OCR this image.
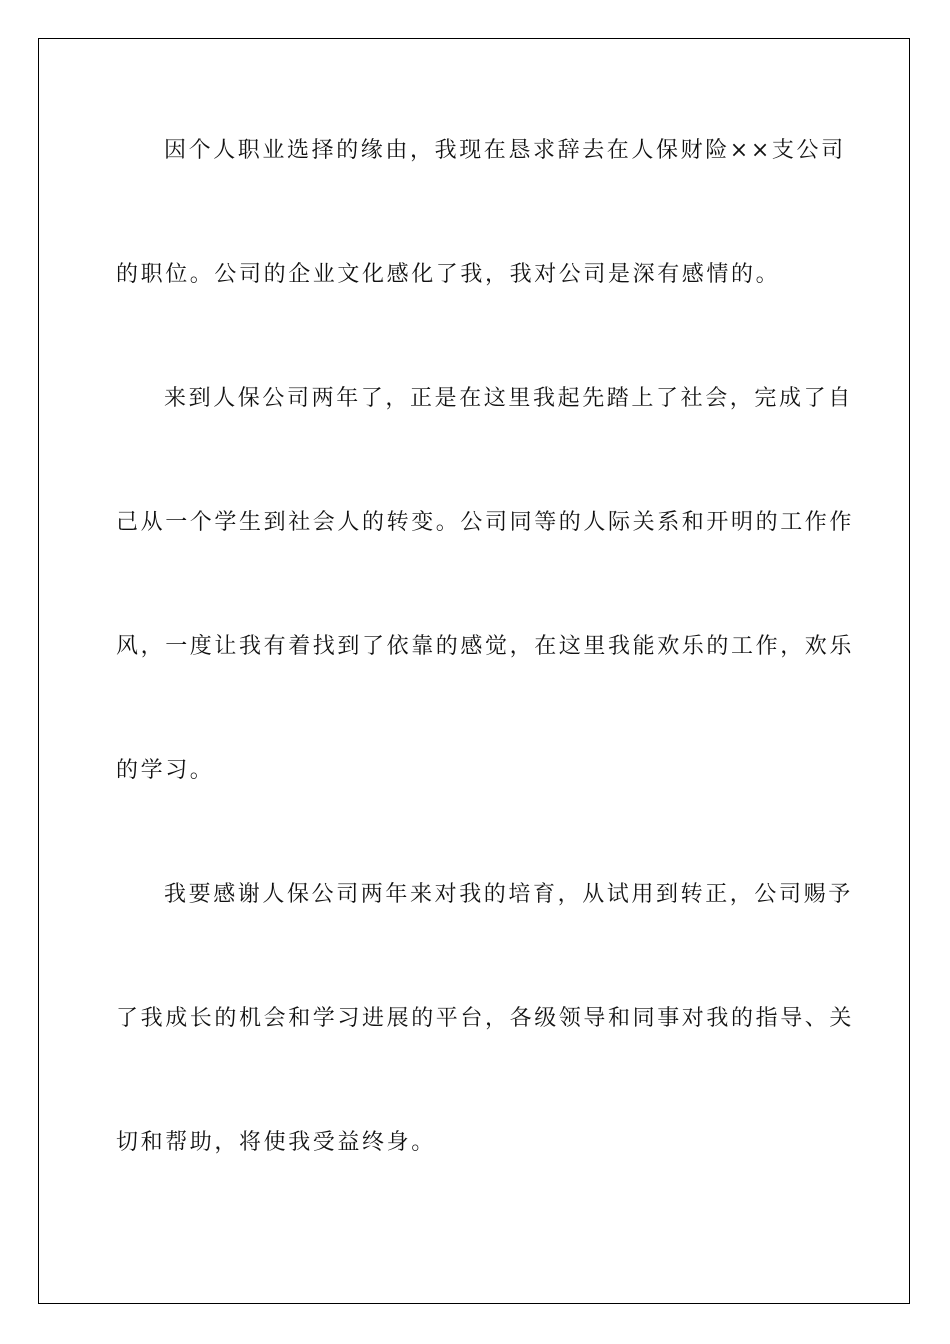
因个人职业选择的缘由，我现在恳求辞去在人保财险××支公司
的职位。公司的企业文化感化了我，我对公司是深有感情的。
来到人保公司两年了，正是在这里我起先踏上了社会，完成了自
己从一个学生到社会人的转变。公司同等的人际关系和开明的工作作
风，一度让我有着找到了依靠的感觉，在这里我能欢乐的工作，欢乐
的学习。
我要感谢人保公司两年来对我的培育，从试用到转正，公司赐予
了我成长的机会和学习进展的平台，各级领导和同事对我的指导、关
切和帮助，将使我受益终身。
